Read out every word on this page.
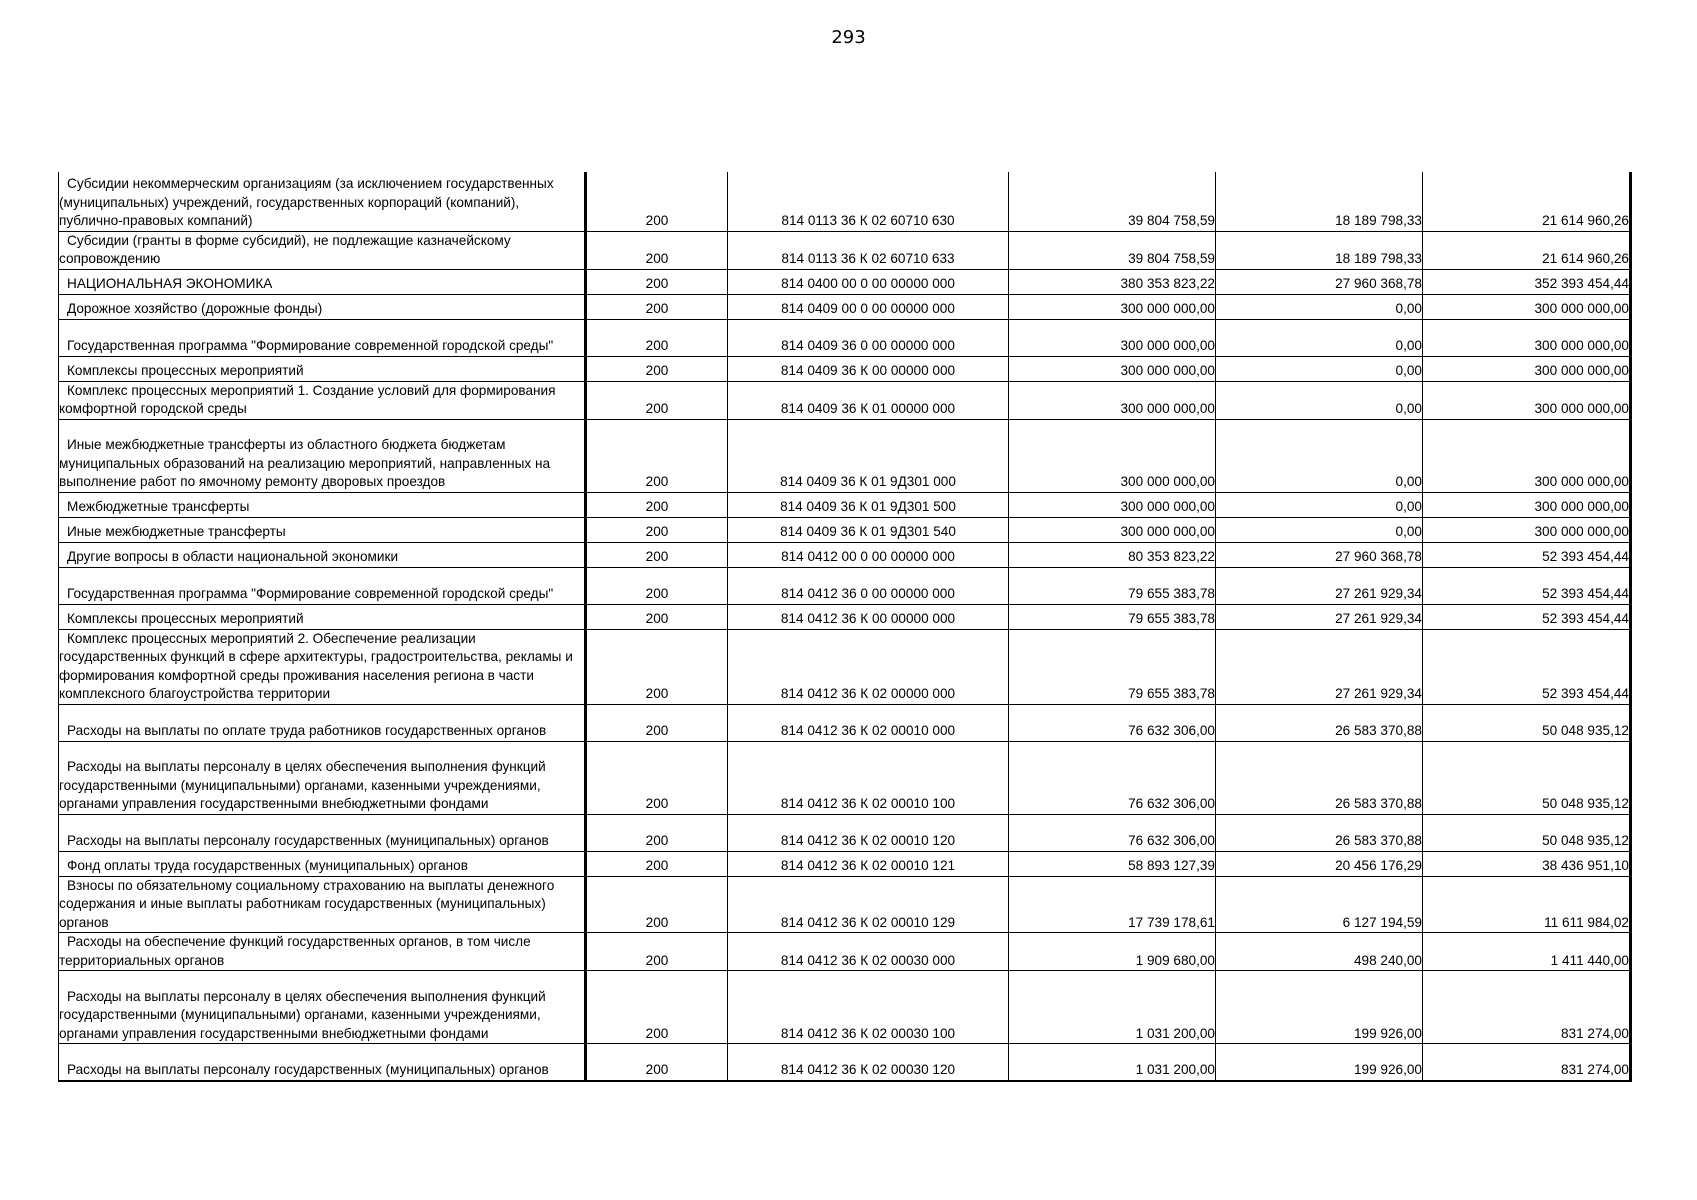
293
Субсидии некоммерческим организациям (за исключением государственных (муниципальных) учреждений, государственных корпораций (компаний), публично-правовых компаний)	200	814 0113 36 К 02 60710 630	39 804 758,59	18 189 798,33	21 614 960,26

Субсидии (гранты в форме субсидий), не подлежащие казначейскому сопровождению	200	814 0113 36 К 02 60710 633	39 804 758,59	18 189 798,33	21 614 960,26

НАЦИОНАЛЬНАЯ ЭКОНОМИКА	200	814 0400 00 0 00 00000 000	380 353 823,22	27 960 368,78	352 393 454,44

Дорожное хозяйство (дорожные фонды)	200	814 0409 00 0 00 00000 000	300 000 000,00	0,00	300 000 000,00

Государственная программа "Формирование современной городской среды"	200	814 0409 36 0 00 00000 000	300 000 000,00	0,00	300 000 000,00

Комплексы процессных мероприятий	200	814 0409 36 К 00 00000 000	300 000 000,00	0,00	300 000 000,00

Комплекс процессных мероприятий 1. Создание условий для формирования комфортной городской среды	200	814 0409 36 К 01 00000 000	300 000 000,00	0,00	300 000 000,00

Иные межбюджетные трансферты из областного бюджета бюджетам муниципальных образований на реализацию мероприятий, направленных на выполнение работ по ямочному ремонту дворовых проездов	200	814 0409 36 К 01 9Д301 000	300 000 000,00	0,00	300 000 000,00

Межбюджетные трансферты	200	814 0409 36 К 01 9Д301 500	300 000 000,00	0,00	300 000 000,00

Иные межбюджетные трансферты	200	814 0409 36 К 01 9Д301 540	300 000 000,00	0,00	300 000 000,00

Другие вопросы в области национальной экономики	200	814 0412 00 0 00 00000 000	80 353 823,22	27 960 368,78	52 393 454,44

Государственная программа "Формирование современной городской среды"	200	814 0412 36 0 00 00000 000	79 655 383,78	27 261 929,34	52 393 454,44

Комплексы процессных мероприятий	200	814 0412 36 К 00 00000 000	79 655 383,78	27 261 929,34	52 393 454,44

Комплекс процессных мероприятий 2. Обеспечение реализации государственных функций в сфере архитектуры, градостроительства, рекламы и формирования комфортной среды проживания населения региона в части комплексного благоустройства территории	200	814 0412 36 К 02 00000 000	79 655 383,78	27 261 929,34	52 393 454,44

Расходы на выплаты по оплате труда работников государственных органов	200	814 0412 36 К 02 00010 000	76 632 306,00	26 583 370,88	50 048 935,12

Расходы на выплаты персоналу в целях обеспечения выполнения функций государственными (муниципальными) органами, казенными учреждениями, органами управления государственными внебюджетными фондами	200	814 0412 36 К 02 00010 100	76 632 306,00	26 583 370,88	50 048 935,12

Расходы на выплаты персоналу государственных (муниципальных) органов	200	814 0412 36 К 02 00010 120	76 632 306,00	26 583 370,88	50 048 935,12

Фонд оплаты труда государственных (муниципальных) органов	200	814 0412 36 К 02 00010 121	58 893 127,39	20 456 176,29	38 436 951,10

Взносы по обязательному социальному страхованию на выплаты денежного содержания и иные выплаты работникам государственных (муниципальных) органов	200	814 0412 36 К 02 00010 129	17 739 178,61	6 127 194,59	11 611 984,02

Расходы на обеспечение функций государственных органов, в том числе территориальных органов	200	814 0412 36 К 02 00030 000	1 909 680,00	498 240,00	1 411 440,00

Расходы на выплаты персоналу в целях обеспечения выполнения функций государственными (муниципальными) органами, казенными учреждениями, органами управления государственными внебюджетными фондами	200	814 0412 36 К 02 00030 100	1 031 200,00	199 926,00	831 274,00

Расходы на выплаты персоналу государственных (муниципальных) органов	200	814 0412 36 К 02 00030 120	1 031 200,00	199 926,00	831 274,00
